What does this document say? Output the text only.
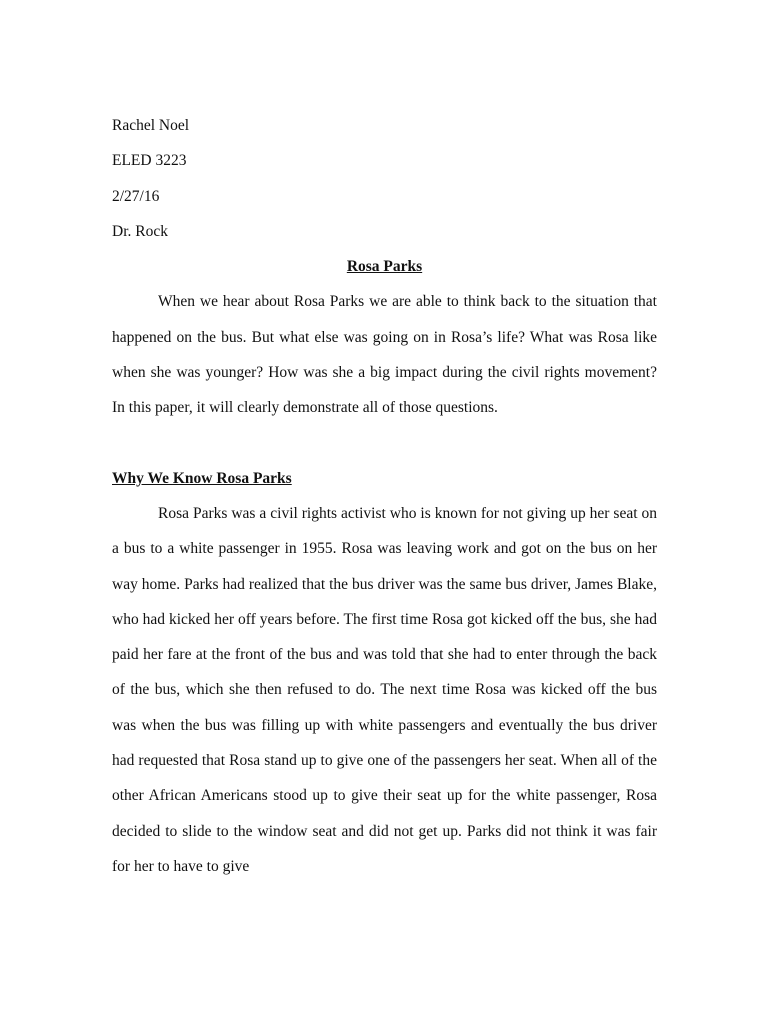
Rachel Noel

ELED 3223

2/27/16

Dr. Rock

Rosa Parks

When we hear about Rosa Parks we are able to think back to the situation that happened on the bus. But what else was going on in Rosa’s life? What was Rosa like when she was younger? How was she a big impact during the civil rights movement? In this paper, it will clearly demonstrate all of those questions.

Why We Know Rosa Parks

Rosa Parks was a civil rights activist who is known for not giving up her seat on a bus to a white passenger in 1955. Rosa was leaving work and got on the bus on her way home. Parks had realized that the bus driver was the same bus driver, James Blake, who had kicked her off years before. The first time Rosa got kicked off the bus, she had paid her fare at the front of the bus and was told that she had to enter through the back of the bus, which she then refused to do. The next time Rosa was kicked off the bus was when the bus was filling up with white passengers and eventually the bus driver had requested that Rosa stand up to give one of the passengers her seat. When all of the other African Americans stood up to give their seat up for the white passenger, Rosa decided to slide to the window seat and did not get up. Parks did not think it was fair for her to have to give
